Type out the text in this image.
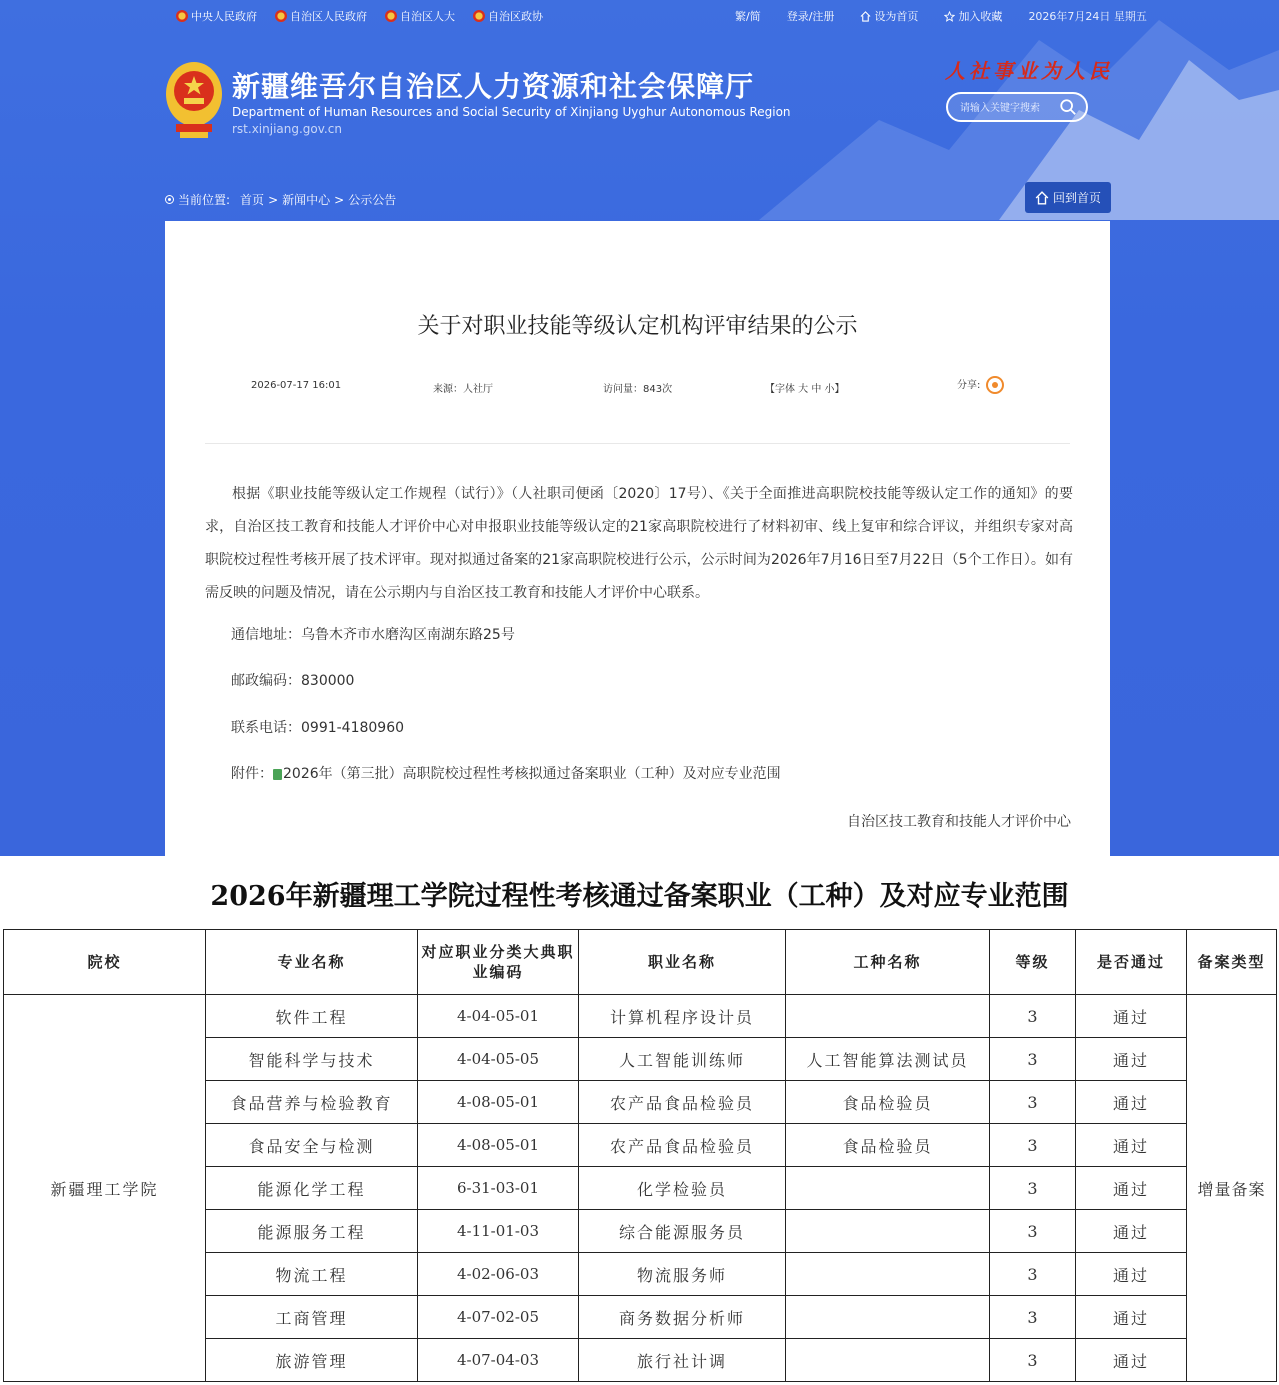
中央人民政府	自治区人民政府	自治区人大	自治区政协	繁/简 登录/注册	设为首页	加入收藏 2026年7月24日 星期五
新疆维吾尔自治区人力资源和社会保障厅
Department of Human Resources and Social Security of Xinjiang Uyghur Autonomous Region
rst.xinjiang.gov.cn
人社事业为人民
请输入关键字搜索
当前位置: 首页 > 新闻中心 > 公示公告	回到首页
关于对职业技能等级认定机构评审结果的公示
2026-07-17 16:01	来源：人社厅	访问量：843次	【字体 大 中 小】	分享:
根据《职业技能等级认定工作规程（试行）》（人社职司便函〔2020〕17号）、《关于全面推进高职院校技能等级认定工作的通知》的要求，自治区技工教育和技能人才评价中心对申报职业技能等级认定的21家高职院校进行了材料初审、线上复审和综合评议，并组织专家对高职院校过程性考核开展了技术评审。现对拟通过备案的21家高职院校进行公示，公示时间为2026年7月16日至7月22日（5个工作日）。如有需反映的问题及情况，请在公示期内与自治区技工教育和技能人才评价中心联系。
通信地址：乌鲁木齐市水磨沟区南湖东路25号
邮政编码：830000
联系电话：0991-4180960
附件： 2026年（第三批）高职院校过程性考核拟通过备案职业（工种）及对应专业范围
自治区技工教育和技能人才评价中心
2026年新疆理工学院过程性考核通过备案职业（工种）及对应专业范围
院校	专业名称	对应职业分类大典职业编码	职业名称	工种名称	等级	是否通过	备案类型
新疆理工学院	软件工程	4-04-05-01	计算机程序设计员		3	通过	增量备案
	智能科学与技术	4-04-05-05	人工智能训练师	人工智能算法测试员	3	通过	
	食品营养与检验教育	4-08-05-01	农产品食品检验员	食品检验员	3	通过	
	食品安全与检测	4-08-05-01	农产品食品检验员	食品检验员	3	通过	
	能源化学工程	6-31-03-01	化学检验员		3	通过	
	能源服务工程	4-11-01-03	综合能源服务员		3	通过	
	物流工程	4-02-06-03	物流服务师		3	通过	
	工商管理	4-07-02-05	商务数据分析师		3	通过	
	旅游管理	4-07-04-03	旅行社计调		3	通过	
